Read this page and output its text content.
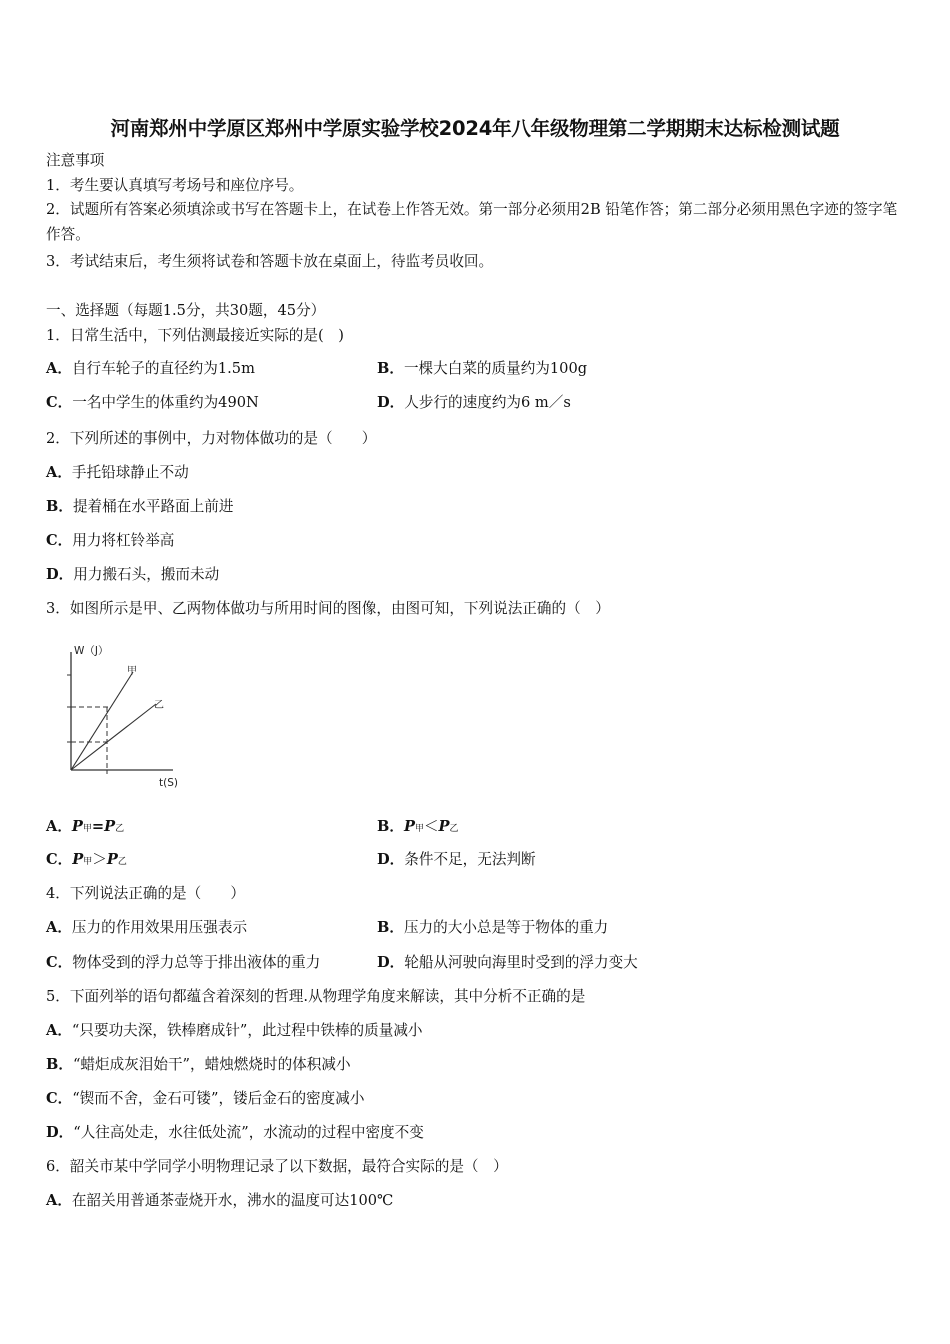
河南郑州中学原区郑州中学原实验学校2024年八年级物理第二学期期末达标检测试题
注意事项
1．考生要认真填写考场号和座位序号。
2．试题所有答案必须填涂或书写在答题卡上，在试卷上作答无效。第一部分必须用2B 铅笔作答；第二部分必须用黑色字迹的签字笔作答。
3．考试结束后，考生须将试卷和答题卡放在桌面上，待监考员收回。
一、选择题（每题1.5分，共30题，45分）
1．日常生活中，下列估测最接近实际的是(　)
A．自行车轮子的直径约为1.5m	B．一棵大白菜的质量约为100g
C．一名中学生的体重约为490N	D．人步行的速度约为6 m／s
2．下列所述的事例中，力对物体做功的是（　　）
A．手托铅球静止不动
B．提着桶在水平路面上前进
C．用力将杠铃举高
D．用力搬石头，搬而未动
3．如图所示是甲、乙两物体做功与所用时间的图像，由图可知，下列说法正确的（　）
W（J）
t(S)
甲
乙
A．P甲=P乙	B．P甲＜P乙
C．P甲＞P乙	D．条件不足，无法判断
4．下列说法正确的是（　　）
A．压力的作用效果用压强表示	B．压力的大小总是等于物体的重力
C．物体受到的浮力总等于排出液体的重力	D．轮船从河驶向海里时受到的浮力变大
5．下面列举的语句都蕴含着深刻的哲理.从物理学角度来解读，其中分析不正确的是
A．“只要功夫深，铁棒磨成针”，此过程中铁棒的质量减小
B．“蜡炬成灰泪始干”，蜡烛燃烧时的体积减小
C．“锲而不舍，金石可镂”，镂后金石的密度减小
D．“人往高处走，水往低处流”，水流动的过程中密度不变
6．韶关市某中学同学小明物理记录了以下数据，最符合实际的是（　）
A．在韶关用普通茶壶烧开水，沸水的温度可达100℃
